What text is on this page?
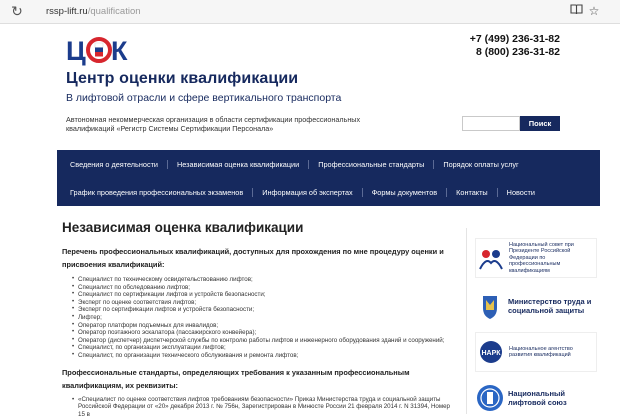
↻	rssp-lift.ru/qualification	☆
Ц К
Центр оценки квалификации
В лифтовой отрасли и сфере вертикального транспорта
Автономная некоммерческая организация в области сертификации профессиональных квалификаций «Регистр Системы Сертификации Персонала»
+7 (499) 236-31-82
8 (800) 236-31-82
Поиск
Сведения о деятельности	Независимая оценка квалификации	Профессиональные стандарты	Порядок оплаты услуг
График проведения профессиональных экзаменов	Информация об экспертах	Формы документов	Контакты	Новости
Независимая оценка квалификации
Перечень профессиональных квалификаций, доступных для прохождения по мне процедуру оценки и присвоения квалификаций:
• Специалист по техническому освидетельствованию лифтов;
• Специалист по обследованию лифтов;
• Специалист по сертификации лифтов и устройств безопасности;
• Эксперт по оценке соответствия лифтов;
• Эксперт по сертификации лифтов и устройств безопасности;
• Лифтер;
• Оператор платформ подъемных для инвалидов;
• Оператор поэтажного эскалатора (пассажирского конвейера);
• Оператор (диспетчер) диспетчерской службы по контролю работы лифтов и инженерного оборудования зданий и сооружений;
• Специалист, по организации эксплуатации лифтов;
• Специалист, по организации технического обслуживания и ремонта лифтов;
Профессиональные стандарты, определяющих требования к указанным профессиональным квалификациям, их реквизиты:
• «Специалист по оценке соответствия лифтов требованиям безопасности» Приказ Министерства труда и социальной защиты Российской Федерации от «20» декабря 2013 г. № 756н, Зарегистрирован в Минюсте России 21 февраля 2014 г. N 31394, Номер 15 в
Национальный совет при Президенте Российской Федерации по профессиональным квалификациям
Министерство труда и социальной защиты
НАРК
Национальное агентство развития квалификаций
Национальный лифтовой союз
